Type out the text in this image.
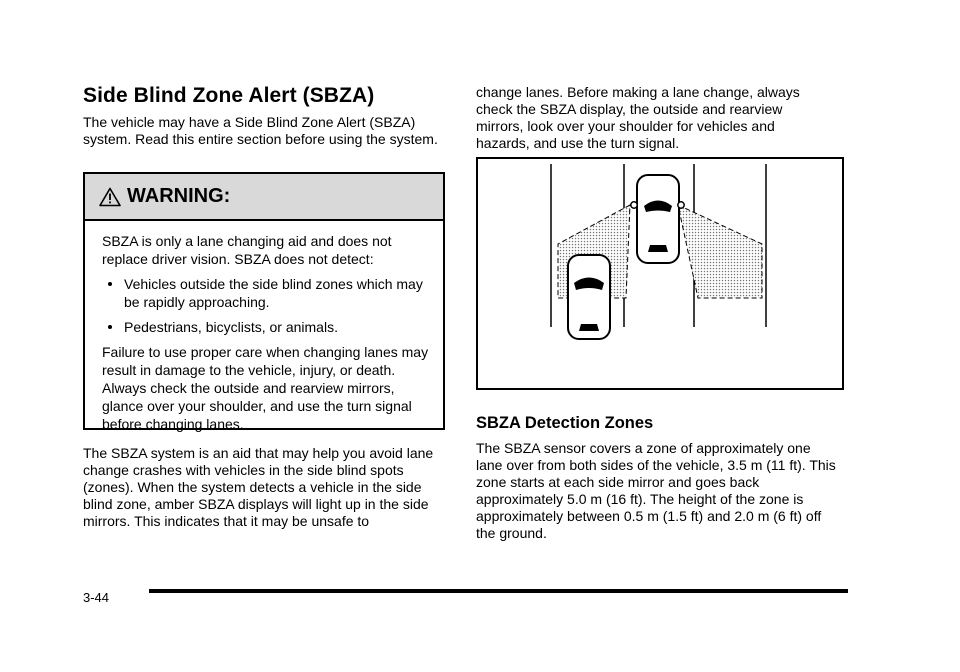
Side Blind Zone Alert (SBZA)

The vehicle may have a Side Blind Zone Alert (SBZA) system. Read this entire section before using the system.

WARNING:

SBZA is only a lane changing aid and does not replace driver vision. SBZA does not detect:

Vehicles outside the side blind zones which may be rapidly approaching.
Pedestrians, bicyclists, or animals.

Failure to use proper care when changing lanes may result in damage to the vehicle, injury, or death. Always check the outside and rearview mirrors, glance over your shoulder, and use the turn signal before changing lanes.

The SBZA system is an aid that may help you avoid lane change crashes with vehicles in the side blind spots (zones). When the system detects a vehicle in the side blind zone, amber SBZA displays will light up in the side mirrors. This indicates that it may be unsafe to

change lanes. Before making a lane change, always check the SBZA display, the outside and rearview mirrors, look over your shoulder for vehicles and hazards, and use the turn signal.

SBZA Detection Zones

The SBZA sensor covers a zone of approximately one lane over from both sides of the vehicle, 3.5 m (11 ft). This zone starts at each side mirror and goes back approximately 5.0 m (16 ft). The height of the zone is approximately between 0.5 m (1.5 ft) and 2.0 m (6 ft) off the ground.

3-44
